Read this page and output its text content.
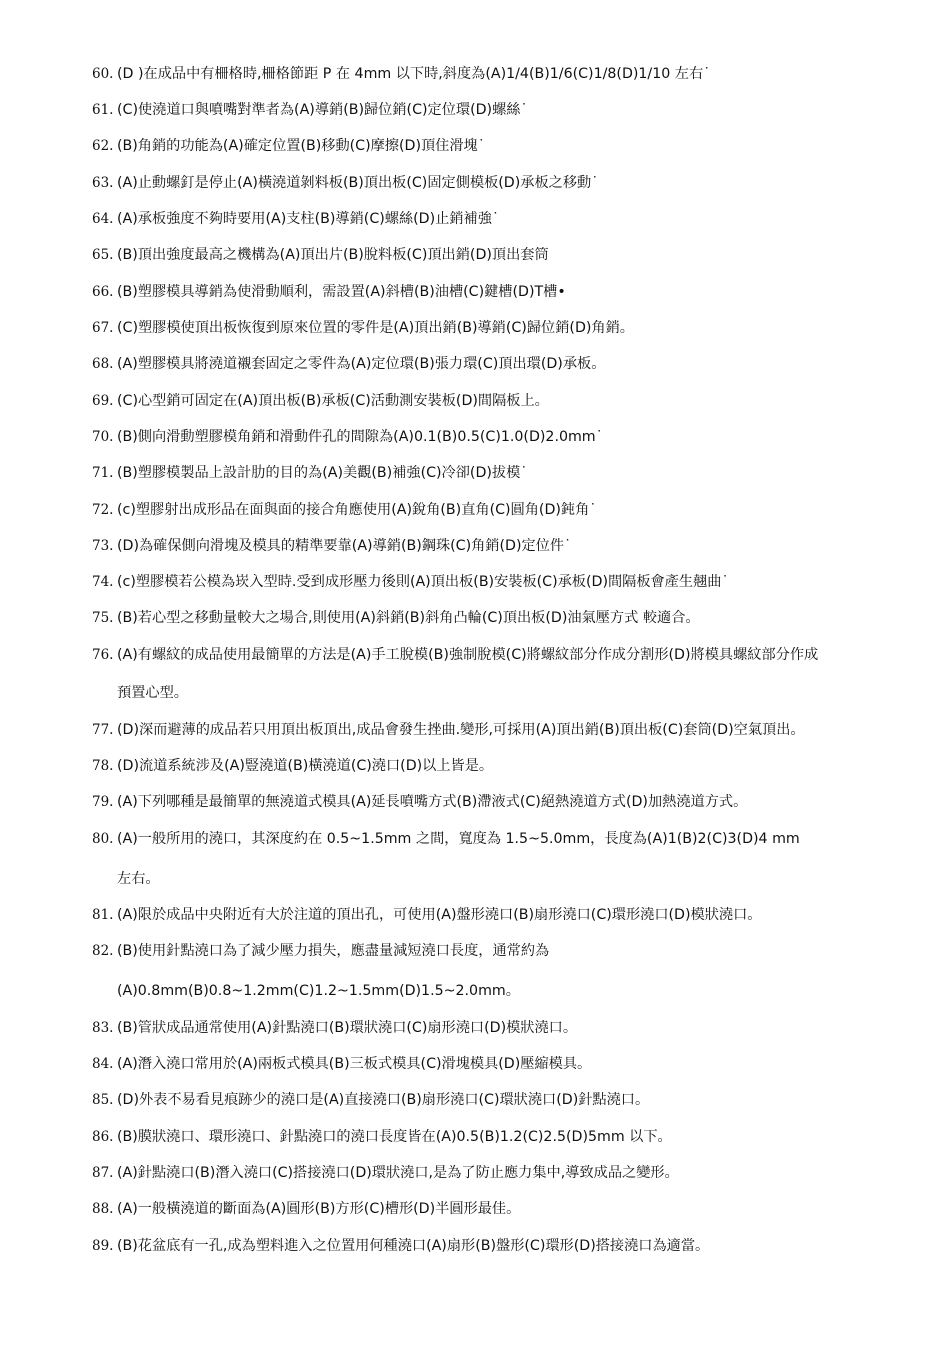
60. (D )在成品中有柵格時,柵格節距 P 在 4mm 以下時,斜度為(A)1/4(B)1/6(C)1/8(D)1/10 左右˙
61. (C)使澆道口與噴嘴對準者為(A)導銷(B)歸位銷(C)定位環(D)螺絲˙
62. (B)角銷的功能為(A)確定位置(B)移動(C)摩擦(D)頂住滑塊˙
63. (A)止動螺釘是停止(A)橫澆道剝料板(B)頂出板(C)固定側模板(D)承板之移動˙
64. (A)承板強度不夠時要用(A)支柱(B)導銷(C)螺絲(D)止銷補強˙
65. (B)頂出強度最高之機構為(A)頂出片(B)脫料板(C)頂出銷(D)頂出套筒
66. (B)塑膠模具導銷為使滑動順利，需設置(A)斜槽(B)油槽(C)鍵槽(D)T槽•
67. (C)塑膠模使頂出板恢復到原來位置的零件是(A)頂出銷(B)導銷(C)歸位銷(D)角銷。
68. (A)塑膠模具將澆道襯套固定之零件為(A)定位環(B)張力環(C)頂出環(D)承板。
69. (C)心型銷可固定在(A)頂出板(B)承板(C)活動測安裝板(D)間隔板上。
70. (B)側向滑動塑膠模角銷和滑動件孔的間隙為(A)0.1(B)0.5(C)1.0(D)2.0mm˙
71. (B)塑膠模製品上設計肋的目的為(A)美觀(B)補強(C)冷卻(D)拔模˙
72. (c)塑膠射出成形品在面與面的接合角應使用(A)銳角(B)直角(C)圓角(D)鈍角˙
73. (D)為確保側向滑塊及模具的精準要靠(A)導銷(B)鋼珠(C)角銷(D)定位件˙
74. (c)塑膠模若公模為崁入型時.受到成形壓力後則(A)頂出板(B)安裝板(C)承板(D)間隔板會產生翹曲˙
75. (B)若心型之移動量較大之場合,則使用(A)斜銷(B)斜角凸輪(C)頂出板(D)油氣壓方式 較適合。
76. (A)有螺紋的成品使用最簡單的方法是(A)手工脫模(B)強制脫模(C)將螺紋部分作成分割形(D)將模具螺紋部分作成
預置心型。
77. (D)深而避薄的成品若只用頂出板頂出,成品會發生挫曲.變形,可採用(A)頂出銷(B)頂出板(C)套筒(D)空氣頂出。
78. (D)流道系統涉及(A)豎澆道(B)橫澆道(C)澆口(D)以上皆是。
79. (A)下列哪種是最簡單的無澆道式模具(A)延長噴嘴方式(B)滯液式(C)絕熱澆道方式(D)加熱澆道方式。
80. (A)一般所用的澆口，其深度約在 0.5~1.5mm 之間，寬度為 1.5~5.0mm，長度為(A)1(B)2(C)3(D)4 mm
左右。
81. (A)限於成品中央附近有大於注道的頂出孔，可使用(A)盤形澆口(B)扇形澆口(C)環形澆口(D)模狀澆口。
82. (B)使用針點澆口為了減少壓力損失，應盡量減短澆口長度，通常約為
(A)0.8mm(B)0.8~1.2mm(C)1.2~1.5mm(D)1.5~2.0mm。
83. (B)管狀成品通常使用(A)針點澆口(B)環狀澆口(C)扇形澆口(D)模狀澆口。
84. (A)潛入澆口常用於(A)兩板式模具(B)三板式模具(C)滑塊模具(D)壓縮模具。
85. (D)外表不易看見痕跡少的澆口是(A)直接澆口(B)扇形澆口(C)環狀澆口(D)針點澆口。
86. (B)膜狀澆口、環形澆口、針點澆口的澆口長度皆在(A)0.5(B)1.2(C)2.5(D)5mm 以下。
87. (A)針點澆口(B)潛入澆口(C)搭接澆口(D)環狀澆口,是為了防止應力集中,導致成品之變形。
88. (A)一般橫澆道的斷面為(A)圓形(B)方形(C)槽形(D)半圓形最佳。
89. (B)花盆底有一孔,成為塑料進入之位置用何種澆口(A)扇形(B)盤形(C)環形(D)搭接澆口為適當。
